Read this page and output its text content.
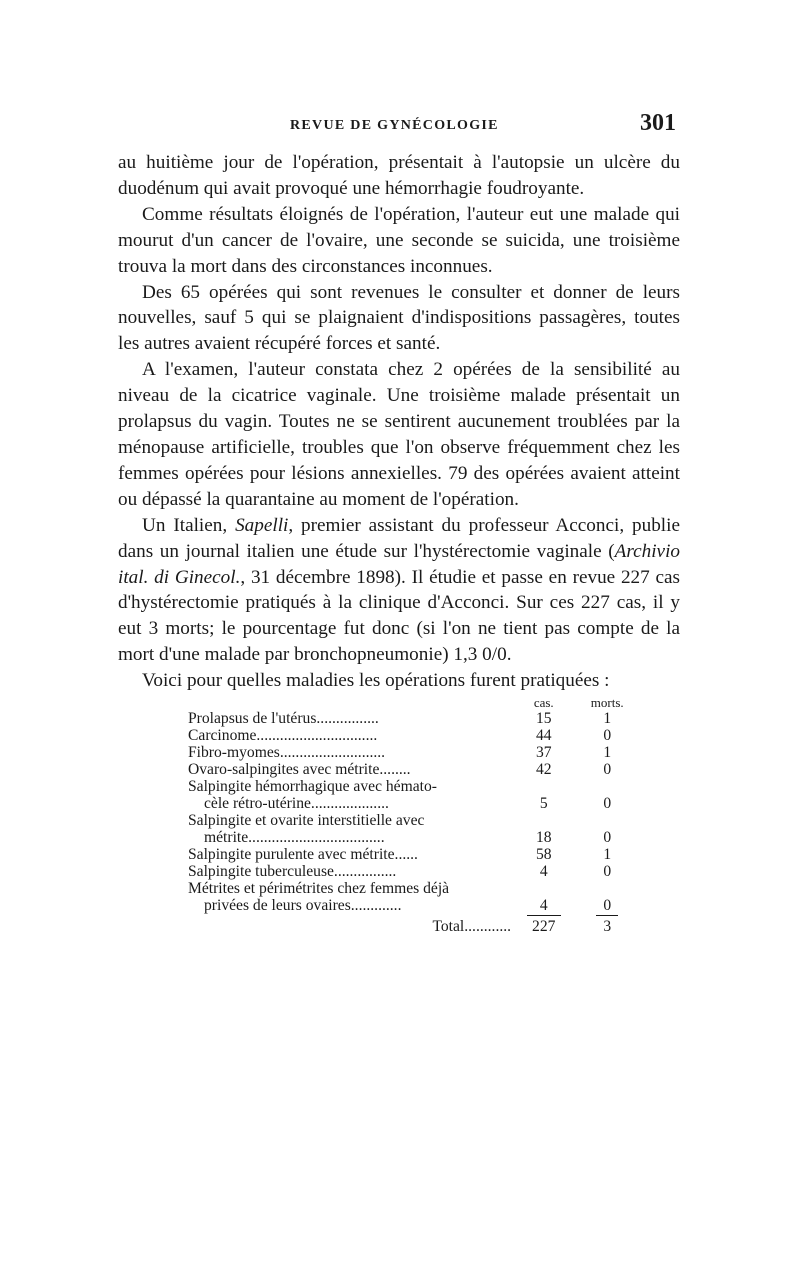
REVUE DE GYNÉCOLOGIE	301

au huitième jour de l'opération, présentait à l'autopsie un ulcère du duodénum qui avait provoqué une hémorrhagie foudroyante.

Comme résultats éloignés de l'opération, l'auteur eut une malade qui mourut d'un cancer de l'ovaire, une seconde se suicida, une troisième trouva la mort dans des circonstances inconnues.

Des 65 opérées qui sont revenues le consulter et donner de leurs nouvelles, sauf 5 qui se plaignaient d'indispositions passagères, toutes les autres avaient récupéré forces et santé.

A l'examen, l'auteur constata chez 2 opérées de la sensibilité au niveau de la cicatrice vaginale. Une troisième malade présentait un prolapsus du vagin. Toutes ne se sentirent aucunement troublées par la ménopause artificielle, troubles que l'on observe fréquemment chez les femmes opérées pour lésions annexielles. 79 des opérées avaient atteint ou dépassé la quarantaine au moment de l'opération.

Un Italien, Sapelli, premier assistant du professeur Acconci, publie dans un journal italien une étude sur l'hystérectomie vaginale (Archivio ital. di Ginecol., 31 décembre 1898). Il étudie et passe en revue 227 cas d'hystérectomie pratiqués à la clinique d'Acconci. Sur ces 227 cas, il y eut 3 morts; le pourcentage fut donc (si l'on ne tient pas compte de la mort d'une malade par bronchopneumonie) 1,3 0/0.

Voici pour quelles maladies les opérations furent pratiquées :

	cas.	morts.

Prolapsus de l'utérus................	15	1

Carcinome...............................	44	0

Fibro-myomes...........................	37	1

Ovaro-salpingites avec métrite........	42	0

Salpingite hémorrhagique avec hémato-
cèle rétro-utérine....................	5	0

Salpingite et ovarite interstitielle avec
métrite...................................	18	0

Salpingite purulente avec métrite......	58	1

Salpingite tuberculeuse................	4	0

Métrites et périmétrites chez femmes déjà
privées de leurs ovaires.............	4	0

Total............	227	3
